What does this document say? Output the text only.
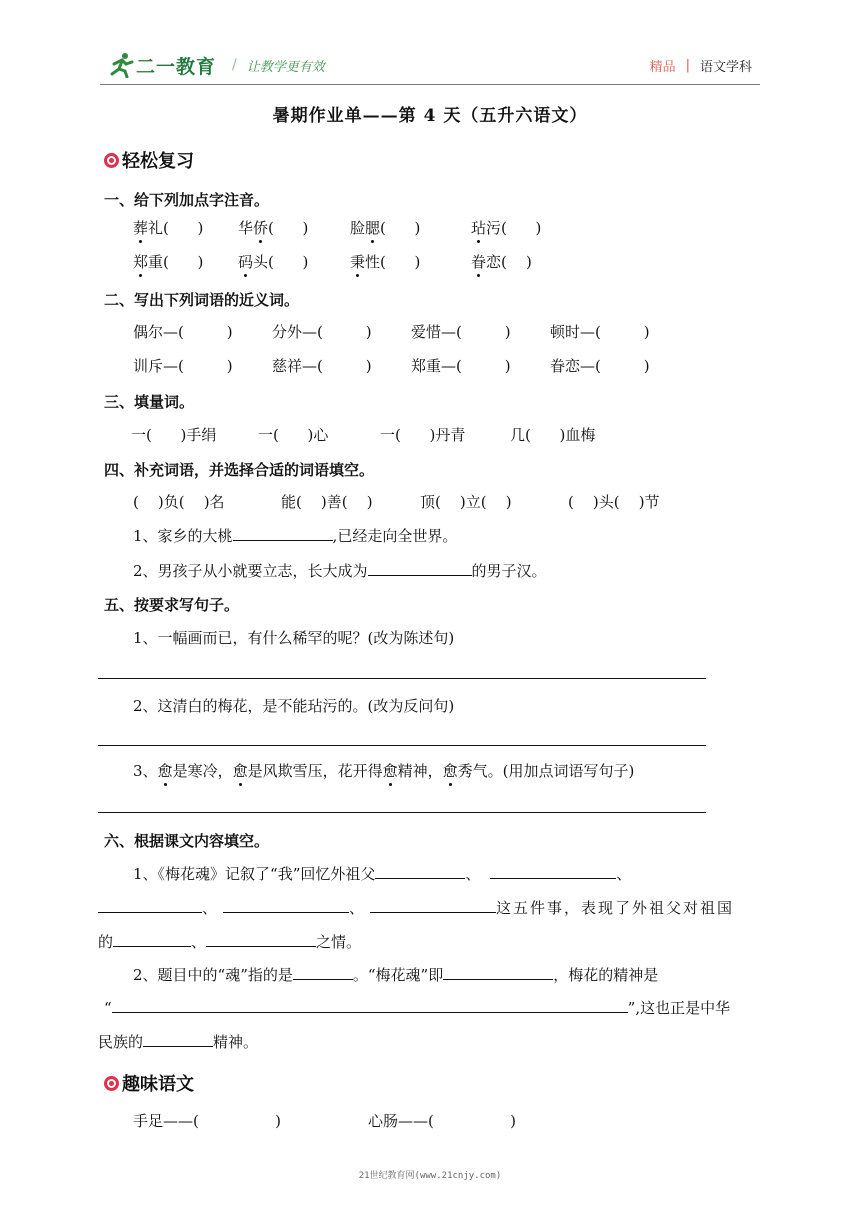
二一教育 / 让教学更有效	精品 | 语文学科
暑期作业单——第 4 天（五升六语文）
轻松复习
一、给下列加点字注音。
葬礼(      ) 华侨(      )	脸腮(      )	玷污(      )
郑重(      ) 码头(      )	秉性(      )	眷恋(    )
二、写出下列词语的近义词。
偶尔—(         )	分外—(         )	爱惜—(         )	顿时—(         )
训斥—(         )	慈祥—(         )	郑重—(         )	眷恋—(         )
三、填量词。
一(      )手绢	一(      )心	一(      )丹青	几(      )血梅
四、补充词语，并选择合适的词语填空。
(    )负(    )名	能(    )善(    )	顶(    )立(    )	(    )头(    )节
1、家乡的大桃	,已经走向全世界。
2、男孩子从小就要立志，长大成为	的男子汉。
五、按要求写句子。
1、一幅画而已，有什么稀罕的呢？(改为陈述句)
2、这清白的梅花，是不能玷污的。(改为反问句)
3、愈是寒冷，愈是风欺雪压，花开得愈精神，愈秀气。(用加点词语写句子)
六、根据课文内容填空。
1、《梅花魂》记叙了“我”回忆外祖父	、	、
、	、	这五件事，表现了外祖父对祖国
的	、	之情。
2、题目中的“魂”指的是	。“梅花魂”即	，梅花的精神是
“	”,这也正是中华
民族的	精神。
趣味语文
手足——(                )	心肠——(                )
21世纪教育网(www.21cnjy.com)
